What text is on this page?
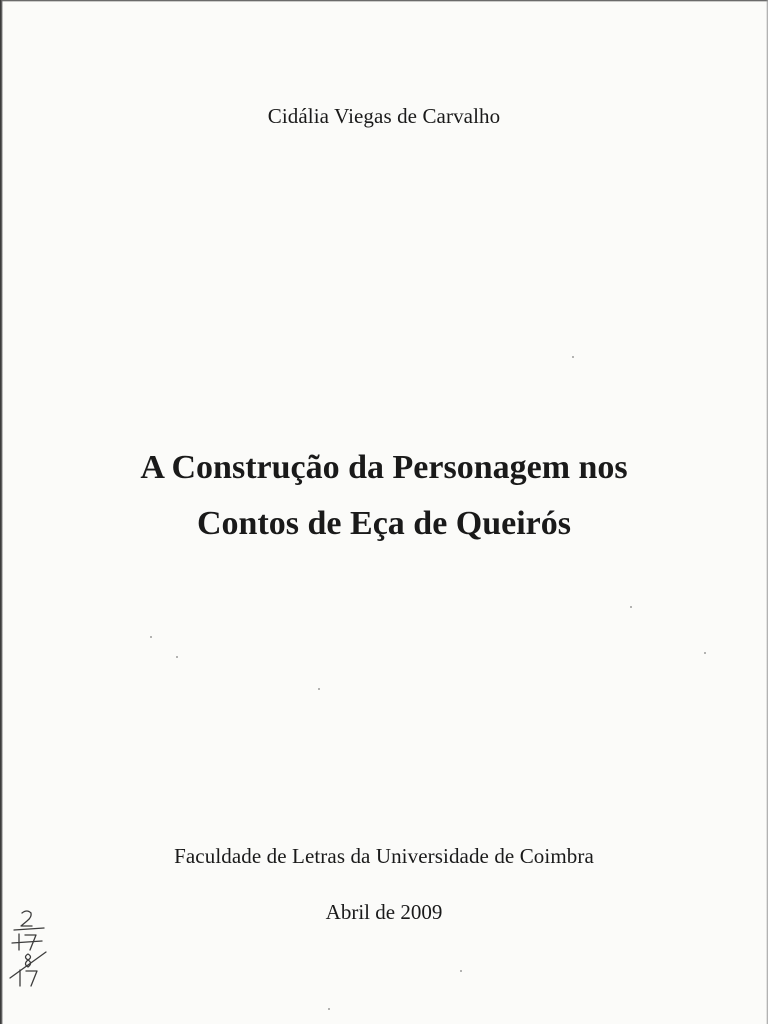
Cidália Viegas de Carvalho
A Construção da Personagem nos
Contos de Eça de Queirós
Faculdade de Letras da Universidade de Coimbra
Abril de 2009
